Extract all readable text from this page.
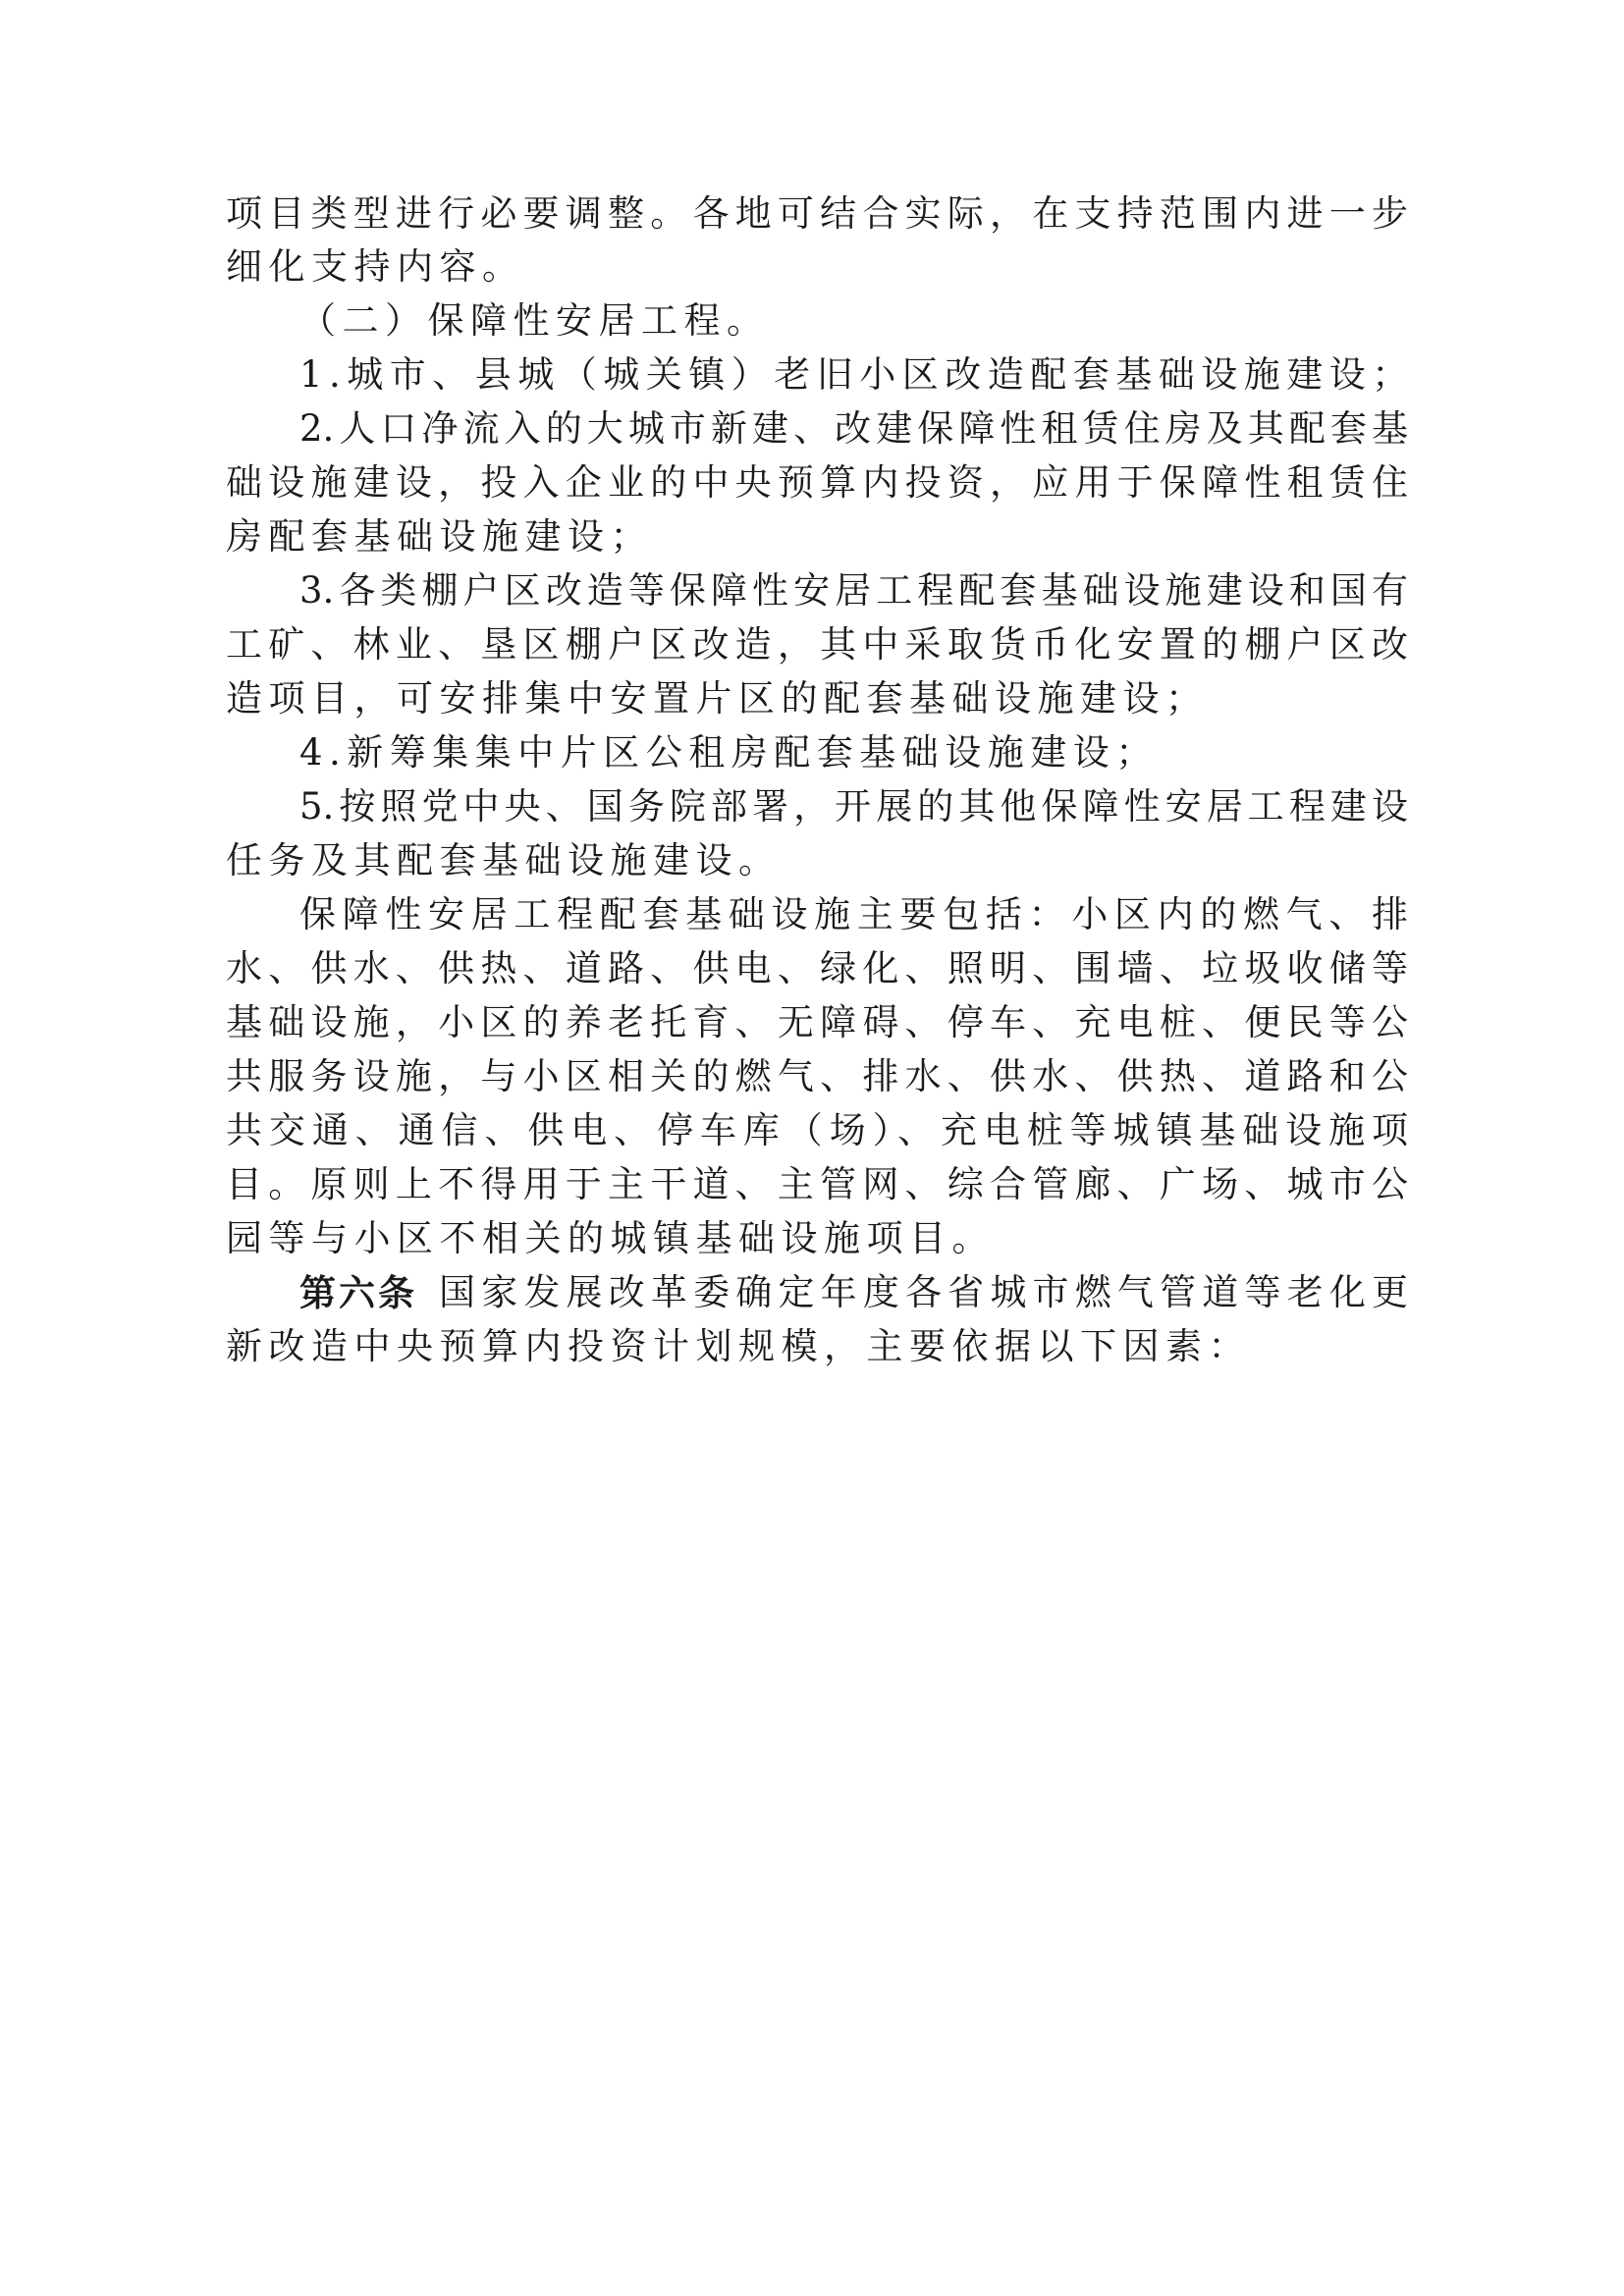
项目类型进行必要调整。各地可结合实际，在支持范围内进一步
细化支持内容。
（二）保障性安居工程。
1.城市、县城（城关镇）老旧小区改造配套基础设施建设；
2.人口净流入的大城市新建、改建保障性租赁住房及其配套基
础设施建设，投入企业的中央预算内投资，应用于保障性租赁住
房配套基础设施建设；
3.各类棚户区改造等保障性安居工程配套基础设施建设和国有
工矿、林业、垦区棚户区改造，其中采取货币化安置的棚户区改
造项目，可安排集中安置片区的配套基础设施建设；
4.新筹集集中片区公租房配套基础设施建设；
5.按照党中央、国务院部署，开展的其他保障性安居工程建设
任务及其配套基础设施建设。
保障性安居工程配套基础设施主要包括：小区内的燃气、排
水、供水、供热、道路、供电、绿化、照明、围墙、垃圾收储等
基础设施，小区的养老托育、无障碍、停车、充电桩、便民等公
共服务设施，与小区相关的燃气、排水、供水、供热、道路和公
共交通、通信、供电、停车库（场）、充电桩等城镇基础设施项
目。原则上不得用于主干道、主管网、综合管廊、广场、城市公
园等与小区不相关的城镇基础设施项目。
第六条 国家发展改革委确定年度各省城市燃气管道等老化更
新改造中央预算内投资计划规模，主要依据以下因素：
